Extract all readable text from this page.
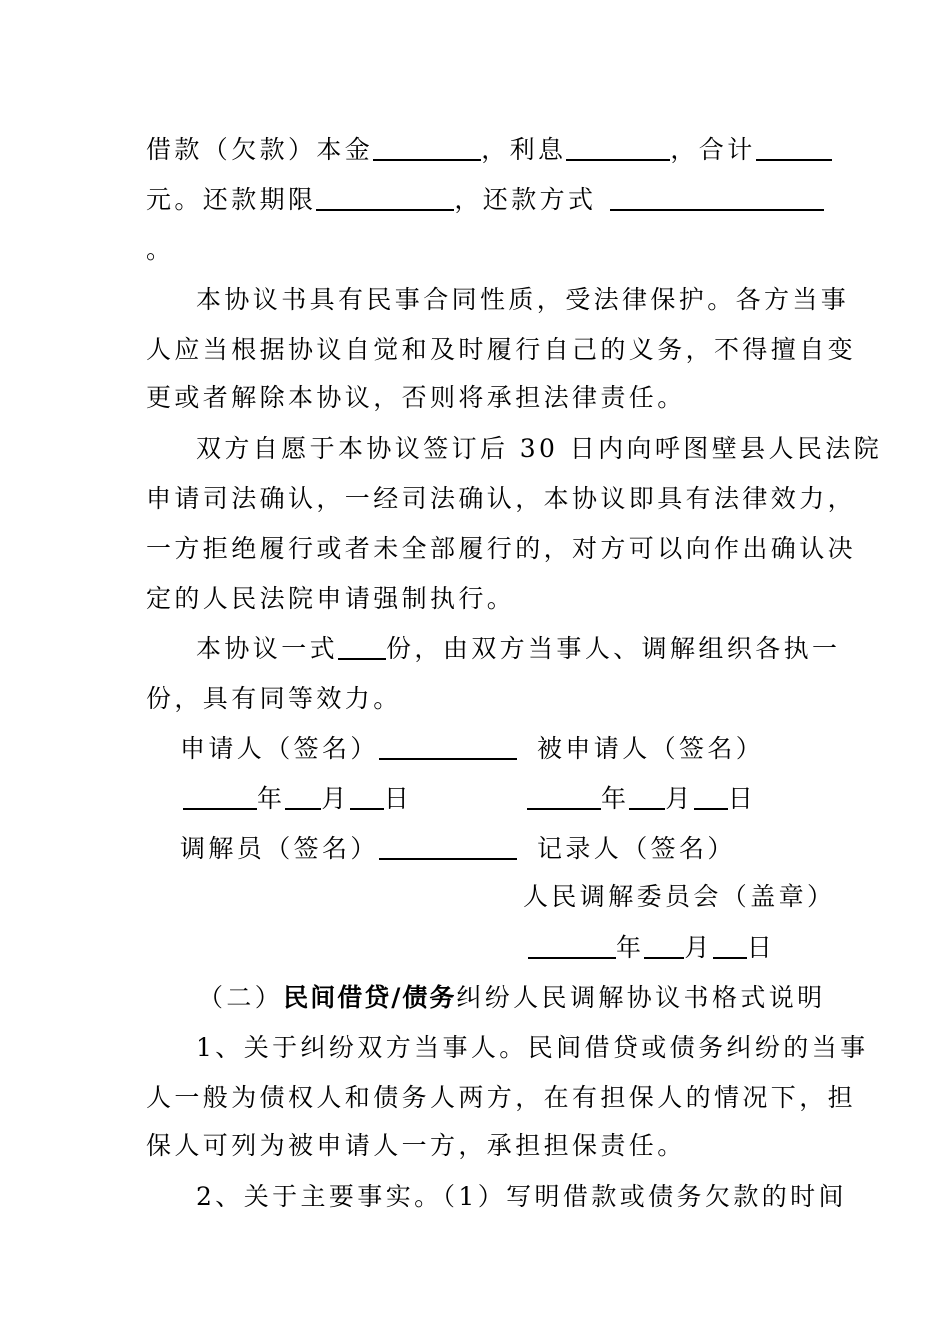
借款（欠款）本金	，利息	，合计
元。还款期限	，还款方式
。
本协议书具有民事合同性质，受法律保护。各方当事
人应当根据协议自觉和及时履行自己的义务，不得擅自变
更或者解除本协议，否则将承担法律责任。
双方自愿于本协议签订后 30 日内向呼图壁县人民法院
申请司法确认，一经司法确认，本协议即具有法律效力，
一方拒绝履行或者未全部履行的，对方可以向作出确认决
定的人民法院申请强制执行。
本协议一式 份，由双方当事人、调解组织各执一
份，具有同等效力。
申请人（签名）	被申请人（签名）
年 月 日	年 月 日
调解员（签名）	记录人（签名）
人民调解委员会（盖章）
年 月 日
（二）民间借贷/债务纠纷人民调解协议书格式说明
1、关于纠纷双方当事人。民间借贷或债务纠纷的当事
人一般为债权人和债务人两方，在有担保人的情况下，担
保人可列为被申请人一方，承担担保责任。
2、关于主要事实。（1）写明借款或债务欠款的时间
